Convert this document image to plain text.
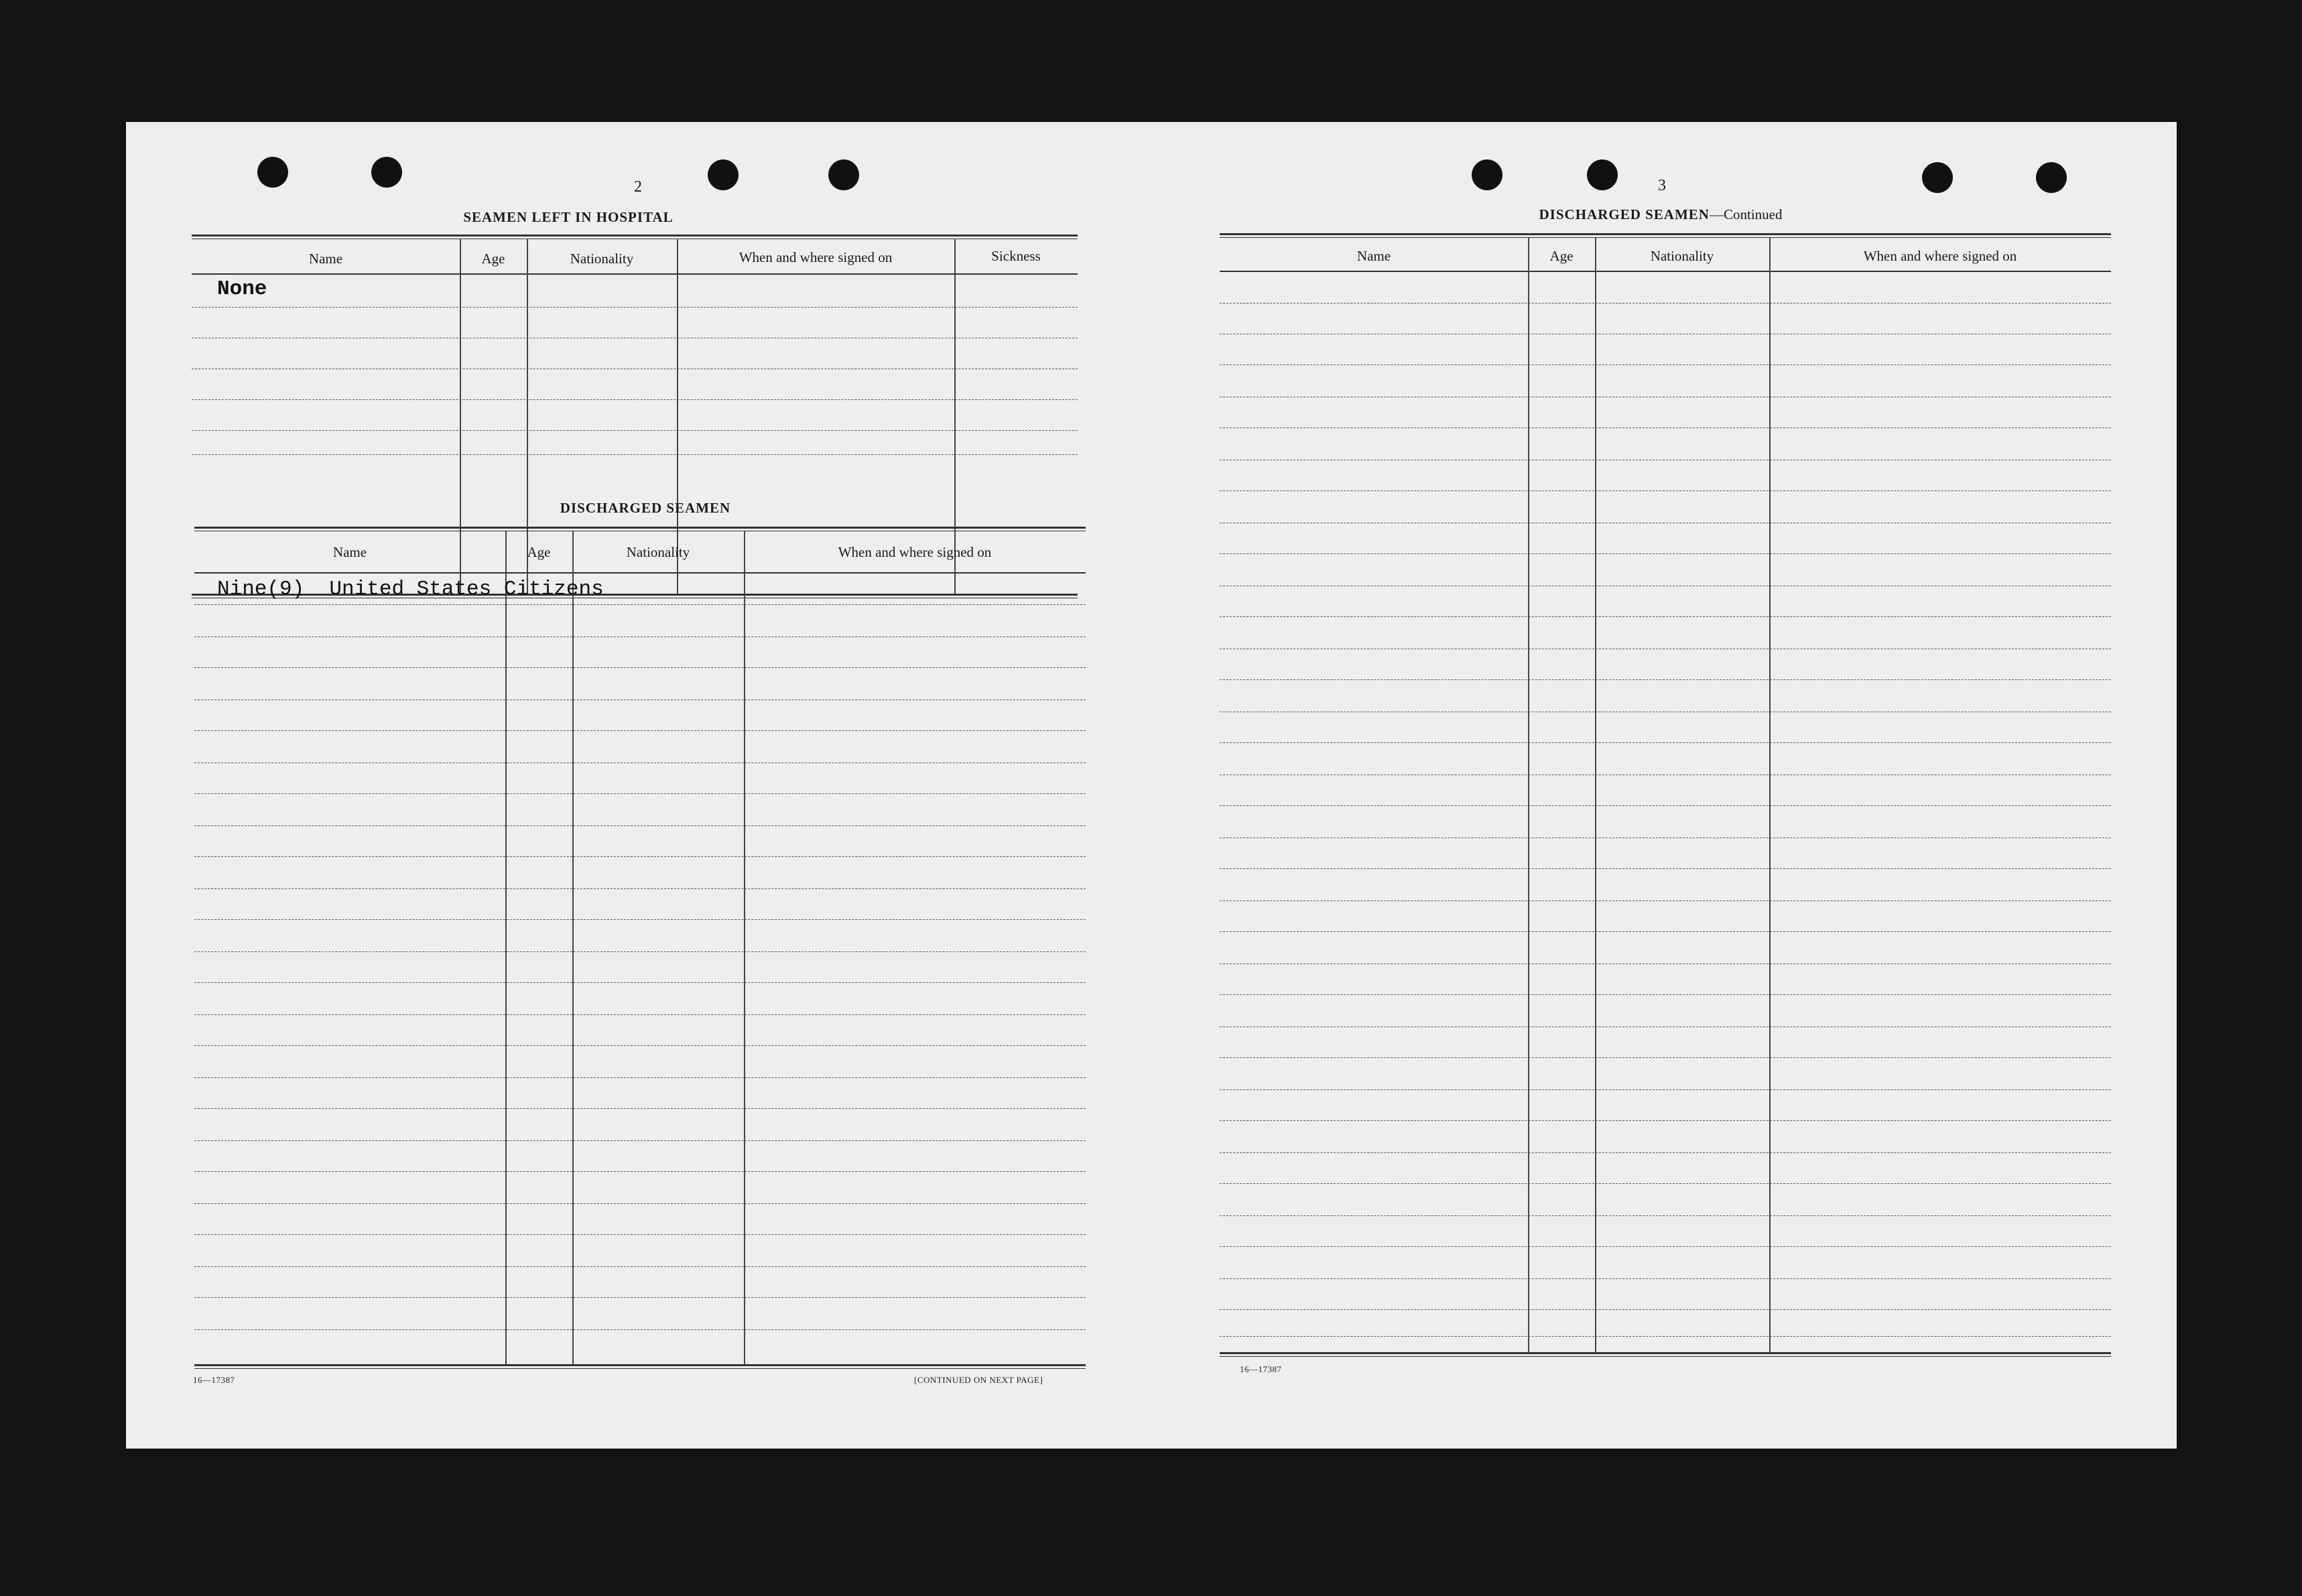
2
SEAMEN LEFT IN HOSPITAL
Name	Age	Nationality	When and where signed on	Sickness
None
DISCHARGED SEAMEN
Name	Age	Nationality	When and where signed on
Nine(9)  United States Citizens
16—17387	[CONTINUED ON NEXT PAGE]
3
DISCHARGED SEAMEN—Continued
Name	Age	Nationality	When and where signed on
16—17387
